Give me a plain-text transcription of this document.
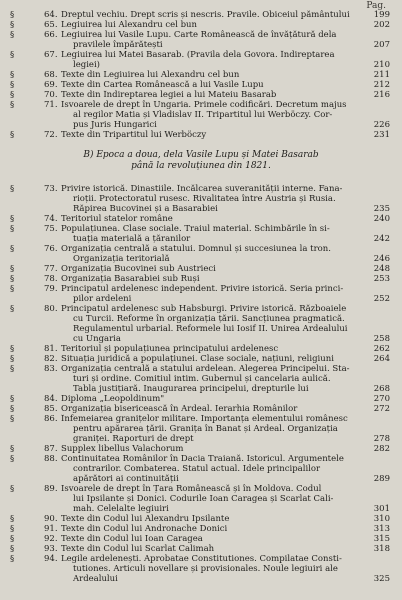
Pag.
§	64. Dreptul vechiu. Drept scris și nescris. Pravile. Obiceiul pământului	199
§	65. Legiuirea lui Alexandru cel bun	202
§	66. Legiuirea lui Vasile Lupu. Carte Românească de învățătură dela
pravilele împărătești	207
§	67. Legiuirea lui Matei Basarab. (Pravila dela Govora. Îndireptarea
legiei)	210
§	68. Texte din Legiuirea lui Alexandru cel bun	211
§	69. Texte din Cartea Românească a lui Vasile Lupu	212
§	70. Texte din Îndireptarea legiei a lui Mateiu Basarab	216
§	71. Isvoarele de drept în Ungaria. Primele codificări. Decretum majus
al regilor Matia și Vladislav II. Tripartitul lui Werböczy. Cor-
pus Juris Hungarici	226
§	72. Texte din Tripartitul lui Werböczy	231
§	73. Privire istorică. Dinastiile. Încălcarea suveranității interne. Fana-
rioții. Protectoratul rusesc. Rivalitatea între Austria și Rusia.
Răpirea Bucovinei și a Basarabiei	235
§	74. Teritoriul statelor române	240
§	75. Populațiunea. Clase sociale. Traiul material. Schimbările în si-
tuația materială a țăranilor	242
§	76. Organizația centrală a statului. Domnul și succesiunea la tron.
Organizația teritorială	246
§	77. Organizația Bucovinei sub Austrieci	248
§	78. Organizația Basarabiei sub Ruși	253
§	79. Principatul ardelenesc independent. Privire istorică. Seria princi-
pilor ardeleni	252
§	80. Principatul ardelenesc sub Habsburgi. Privire istorică. Războaiele
cu Turcii. Reforme în organizația țării. Sancțiunea pragmatică.
Regulamentul urbarial. Reformele lui Iosif II. Unirea Ardealului
cu Ungaria	258
§	81. Teritoriul și populațiunea principatului ardelenesc	262
§	82. Situația juridică a populațiunei. Clase sociale, națiuni, religiuni	264
§	83. Organizația centrală a statului ardelean. Alegerea Principelui. Sta-
turi și ordine. Comitiul intim. Gubernul și cancelaria aulică.
Tabla justițiară. Inaugurarea principelui, drepturile lui	268
§	84. Diploma „Leopoldinum"	270
§	85. Organizația bisericească în Ardeal. Ierarhia Românilor	272
§	86. Înfemeiarea granițelor militare. Importanța elementului românesc
pentru apărarea țării. Granița în Banat și Ardeal. Organizația
graniței. Raporturi de drept	278
§	87. Supplex libellus Valachorum	282
§	88. Continuitatea Românilor în Dacia Traiană. Istoricul. Argumentele
contrarilor. Combaterea. Statul actual. Idele principalilor
apărători ai continuității	289
§	89. Isvoarele de drept în Țara Românească și în Moldova. Codul
lui Ipsilante și Donici. Codurile Ioan Caragea și Scarlat Cali-
mah. Celelalte legiuiri	301
§	90. Texte din Codul lui Alexandru Ipsilante	310
§	91. Texte din Codul lui Andronache Donici	313
§	92. Texte din Codul lui Ioan Caragea	315
§	93. Texte din Codul lui Scarlat Calimah	318
§	94. Legile ardelenești. Aprobatae Constitutiones. Compilatae Consti-
tutiones. Articuli novellare și provisionales. Noule legiuiri ale
Ardealului	325
B) Epoca a doua, dela Vasile Lupu și Matei Basarab
până la revoluțiunea din 1821.
